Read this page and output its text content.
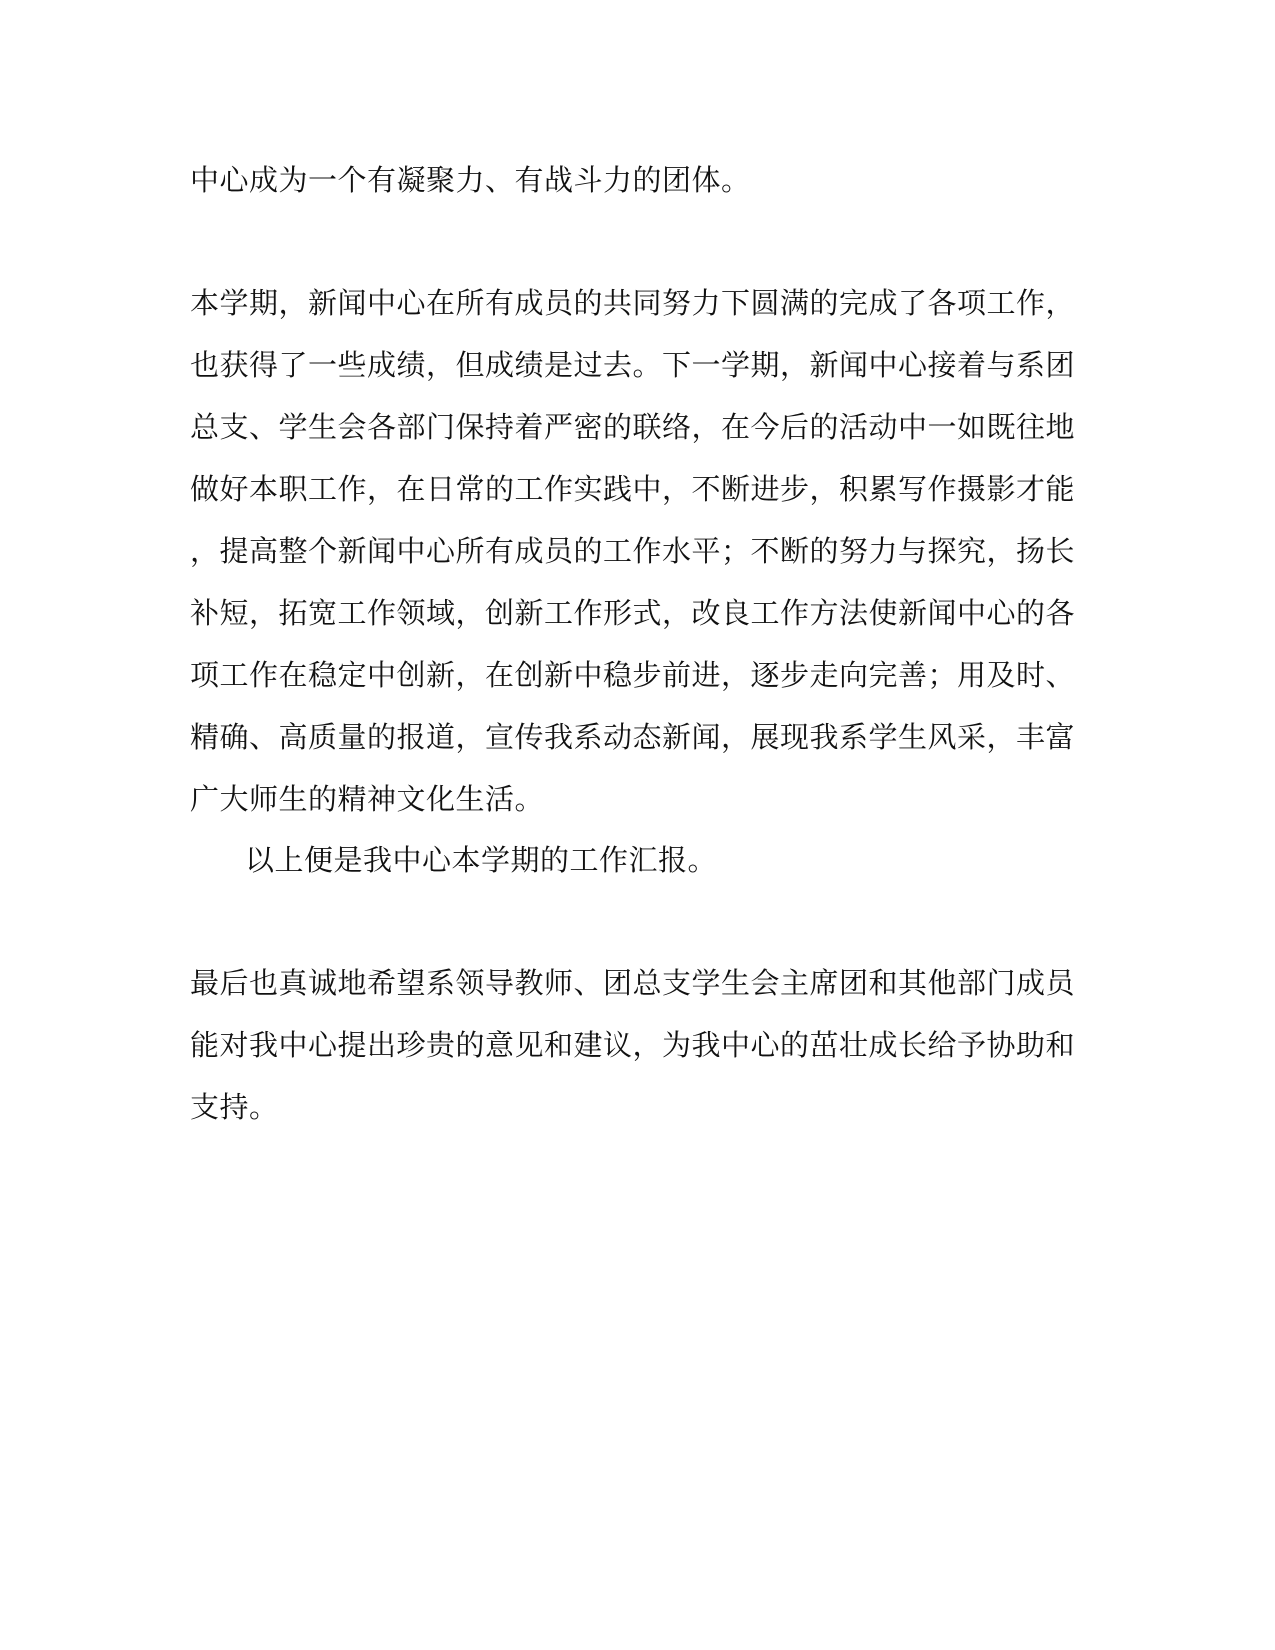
中心成为一个有凝聚力、有战斗力的团体。
本学期，新闻中心在所有成员的共同努力下圆满的完成了各项工作，
也获得了一些成绩，但成绩是过去。下一学期，新闻中心接着与系团
总支、学生会各部门保持着严密的联络，在今后的活动中一如既往地
做好本职工作，在日常的工作实践中，不断进步，积累写作摄影才能
，提高整个新闻中心所有成员的工作水平；不断的努力与探究，扬长
补短，拓宽工作领域，创新工作形式，改良工作方法使新闻中心的各
项工作在稳定中创新，在创新中稳步前进，逐步走向完善；用及时、
精确、高质量的报道，宣传我系动态新闻，展现我系学生风采，丰富
广大师生的精神文化生活。
以上便是我中心本学期的工作汇报。
最后也真诚地希望系领导教师、团总支学生会主席团和其他部门成员
能对我中心提出珍贵的意见和建议，为我中心的茁壮成长给予协助和
支持。
